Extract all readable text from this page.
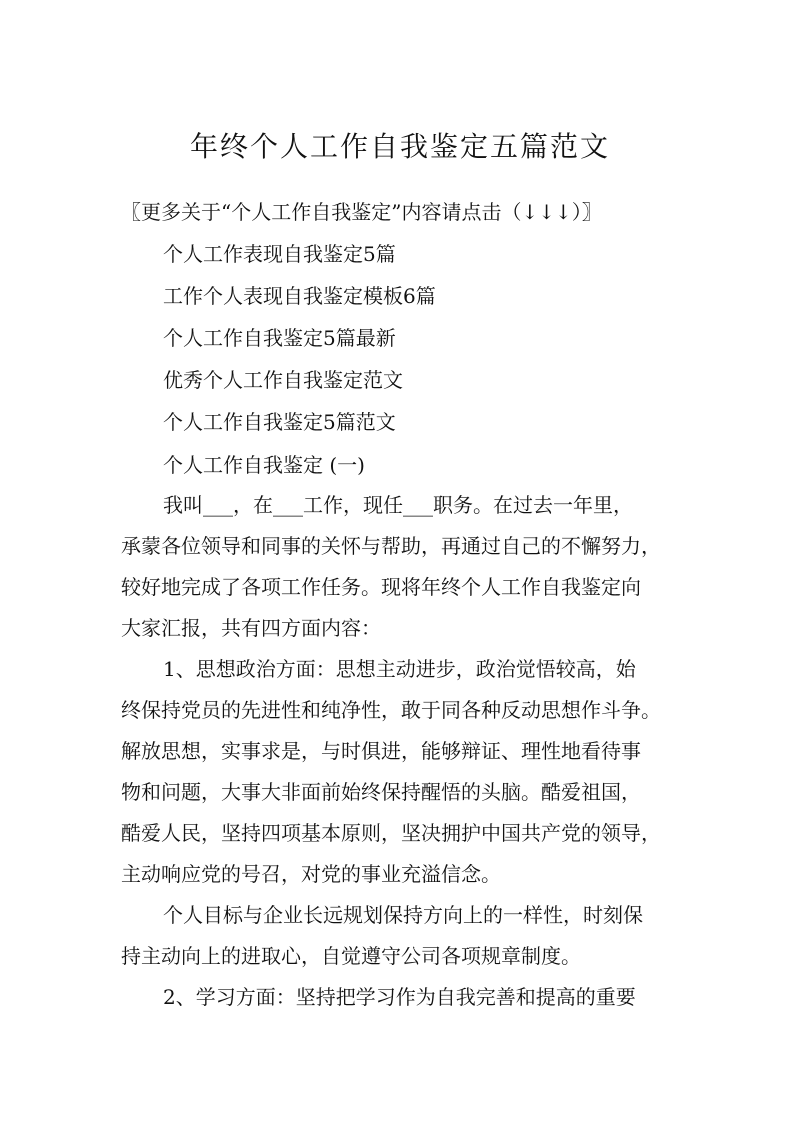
年终个人工作自我鉴定五篇范文
〖更多关于“个人工作自我鉴定”内容请点击（↓↓↓）〗
个人工作表现自我鉴定5篇
工作个人表现自我鉴定模板6篇
个人工作自我鉴定5篇最新
优秀个人工作自我鉴定范文
个人工作自我鉴定5篇范文
个人工作自我鉴定 (一)
我叫___，在___工作，现任___职务。在过去一年里，
承蒙各位领导和同事的关怀与帮助，再通过自己的不懈努力，
较好地完成了各项工作任务。现将年终个人工作自我鉴定向
大家汇报，共有四方面内容：
1、思想政治方面：思想主动进步，政治觉悟较高，始
终保持党员的先进性和纯净性，敢于同各种反动思想作斗争。
解放思想，实事求是，与时俱进，能够辩证、理性地看待事
物和问题，大事大非面前始终保持醒悟的头脑。酷爱祖国，
酷爱人民，坚持四项基本原则，坚决拥护中国共产党的领导，
主动响应党的号召，对党的事业充溢信念。
个人目标与企业长远规划保持方向上的一样性，时刻保
持主动向上的进取心，自觉遵守公司各项规章制度。
2、学习方面：坚持把学习作为自我完善和提高的重要
